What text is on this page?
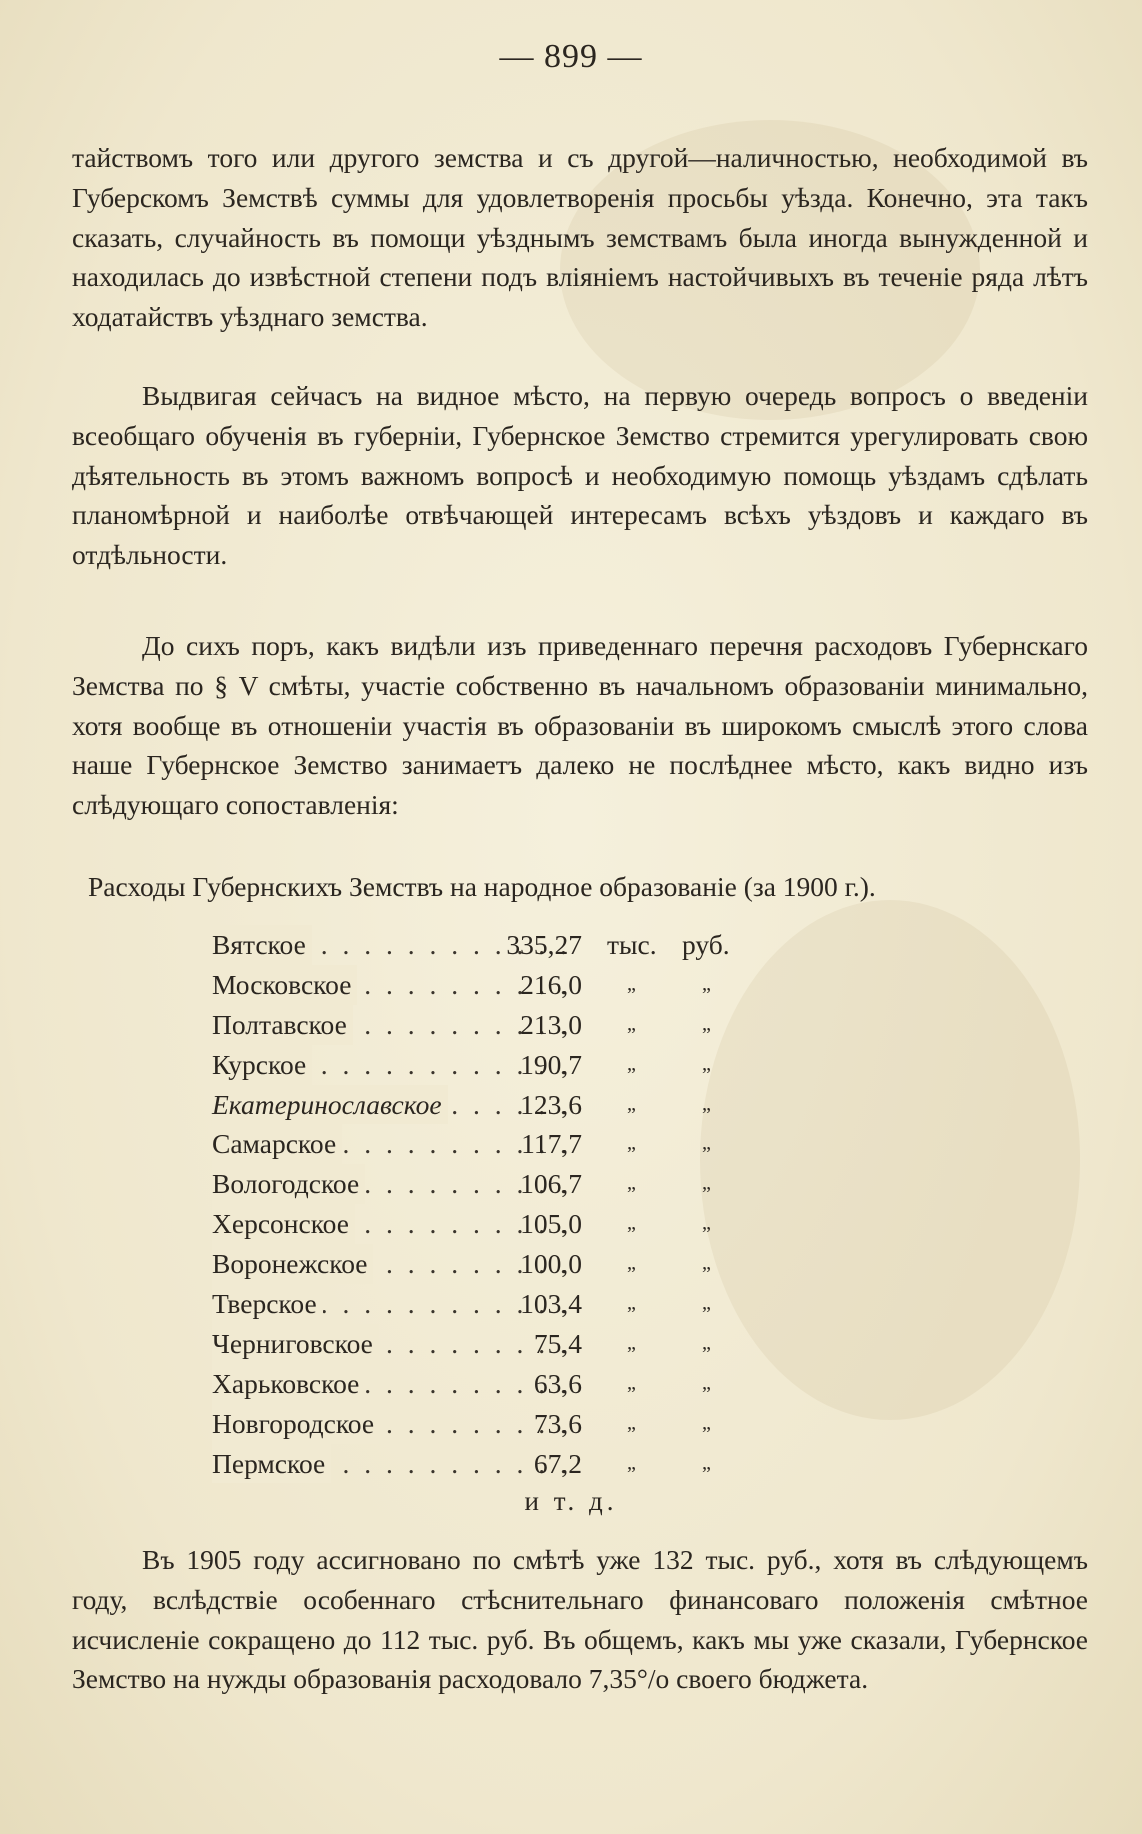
— 899 —

тайствомъ того или другого земства и съ другой—наличностью, необходимой въ Губерскомъ Земствѣ суммы для удовлетворенія просьбы уѣзда. Конечно, эта такъ сказать, случайность въ помощи уѣзднымъ земствамъ была иногда вынужденной и находилась до извѣстной степени подъ вліяніемъ настойчивыхъ въ теченіе ряда лѣтъ ходатайствъ уѣзднаго земства.

Выдвигая сейчасъ на видное мѣсто, на первую очередь вопросъ о введеніи всеобщаго обученія въ губерніи, Губернское Земство стремится урегулировать свою дѣятельность въ этомъ важномъ вопросѣ и необходимую помощь уѣздамъ сдѣлать планомѣрной и наиболѣе отвѣчающей интересамъ всѣхъ уѣздовъ и каждаго въ отдѣльности.

До сихъ поръ, какъ видѣли изъ приведеннаго перечня расходовъ Губернскаго Земства по § V смѣты, участіе собственно въ начальномъ образованіи минимально, хотя вообще въ отношеніи участія въ образованіи въ широкомъ смыслѣ этого слова наше Губернское Земство занимаетъ далеко не послѣднее мѣсто, какъ видно изъ слѣдующаго сопоставленія:

Расходы Губернскихъ Земствъ на народное образованіе (за 1900 г.).
. . .
Вятское	335,27 тыс. руб.
. . .
Московское	216,0	„	„
. . .
Полтавское	213,0	„	„
. . .
Курское	190,7	„	„
. . .
Екатеринославское	123,6	„	„
. . .
Самарское	117,7	„	„
. . .
Вологодское	106,7	„	„
. . .
Херсонское	105,0	„	„
. . .
Воронежское	100,0	„	„
. . .
Тверское	103,4	„	„
. . .
Черниговское	75,4	„	„
. . .
Харьковское	63,6	„	„
. . .
Новгородское	73,6	„	„
. . .
Пермское	67,2	„	„
и т. д.

Въ 1905 году ассигновано по смѣтѣ уже 132 тыс. руб., хотя въ слѣдующемъ году, вслѣдствіе особеннаго стѣснительнаго финансоваго положенія смѣтное исчисленіе сокращено до 112 тыс. руб. Въ общемъ, какъ мы уже сказали, Губернское Земство на нужды образованія расходовало 7,35°/о своего бюджета.
